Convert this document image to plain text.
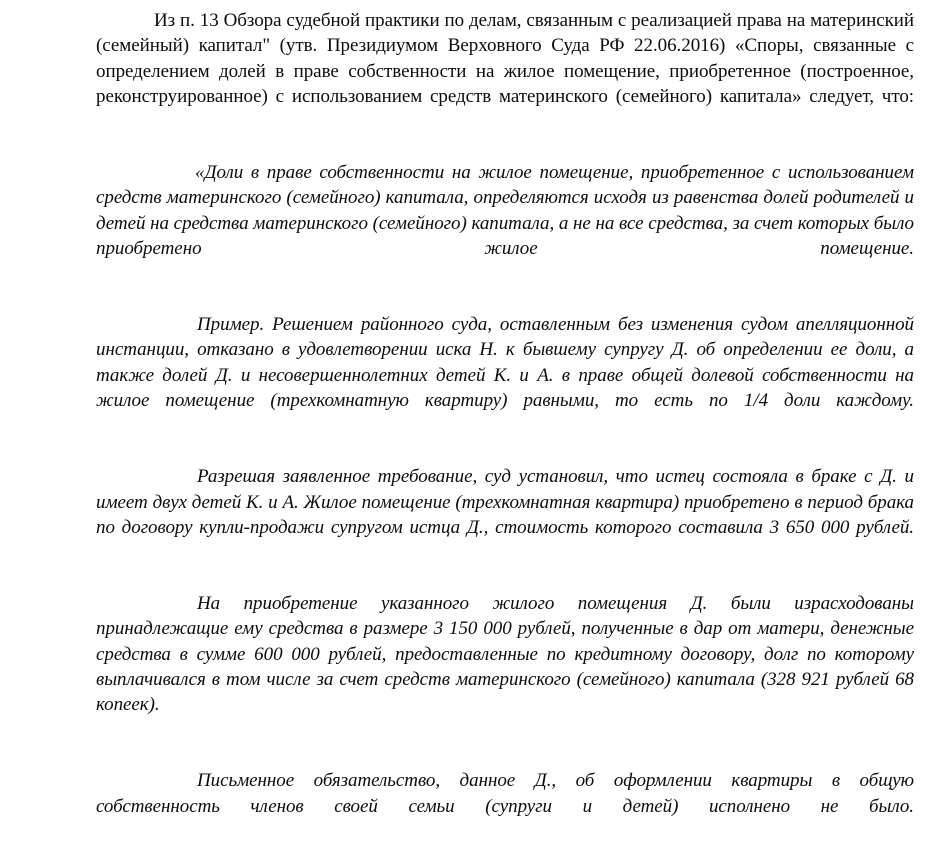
Из п. 13 Обзора судебной практики по делам, связанным с реализацией права на материнский (семейный) капитал" (утв. Президиумом Верховного Суда РФ 22.06.2016) «Споры, связанные с определением долей в праве собственности на жилое помещение, приобретенное (построенное, реконструированное) с использованием средств материнского (семейного) капитала» следует, что:

«Доли в праве собственности на жилое помещение, приобретенное с использованием средств материнского (семейного) капитала, определяются исходя из равенства долей родителей и детей на средства материнского (семейного) капитала, а не на все средства, за счет которых было приобретено жилое помещение.

Пример. Решением районного суда, оставленным без изменения судом апелляционной инстанции, отказано в удовлетворении иска Н. к бывшему супругу Д. об определении ее доли, а также долей Д. и несовершеннолетних детей К. и А. в праве общей долевой собственности на жилое помещение (трехкомнатную квартиру) равными, то есть по 1/4 доли каждому.

Разрешая заявленное требование, суд установил, что истец состояла в браке с Д. и имеет двух детей К. и А. Жилое помещение (трехкомнатная квартира) приобретено в период брака по договору купли-продажи супругом истца Д., стоимость которого составила 3 650 000 рублей.

На приобретение указанного жилого помещения Д. были израсходованы принадлежащие ему средства в размере 3 150 000 рублей, полученные в дар от матери, денежные средства в сумме 600 000 рублей, предоставленные по кредитному договору, долг по которому выплачивался в том числе за счет средств материнского (семейного) капитала (328 921 рублей 68 копеек).

Письменное обязательство, данное Д., об оформлении квартиры в общую собственность членов своей семьи (супруги и детей) исполнено не было.
